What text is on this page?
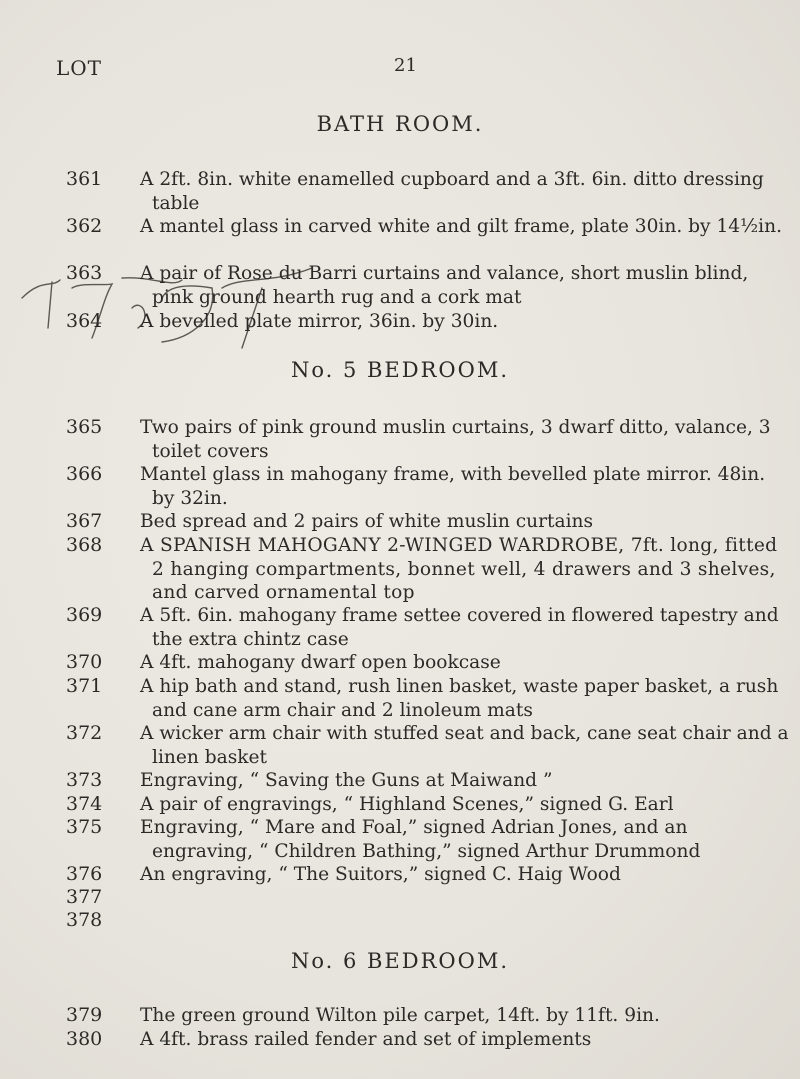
LOT	21
BATH ROOM.
361	A 2ft. 8in. white enamelled cupboard and a 3ft. 6in. ditto dressing table
362	A mantel glass in carved white and gilt frame, plate 30in. by 14½in.
363	A pair of Rose du Barri curtains and valance, short muslin blind, pink ground hearth rug and a cork mat
364	A bevelled plate mirror, 36in. by 30in.
No. 5 BEDROOM.
365	Two pairs of pink ground muslin curtains, 3 dwarf ditto, valance, 3 toilet covers
366	Mantel glass in mahogany frame, with bevelled plate mirror. 48in. by 32in.
367	Bed spread and 2 pairs of white muslin curtains
368	A SPANISH MAHOGANY 2-WINGED WARDROBE, 7ft. long, fitted 2 hanging compartments, bonnet well, 4 drawers and 3 shelves, and carved ornamental top
369	A 5ft. 6in. mahogany frame settee covered in flowered tapestry and the extra chintz case
370	A 4ft. mahogany dwarf open bookcase
371	A hip bath and stand, rush linen basket, waste paper basket, a rush and cane arm chair and 2 linoleum mats
372	A wicker arm chair with stuffed seat and back, cane seat chair and a linen basket
373	Engraving, “ Saving the Guns at Maiwand ”
374	A pair of engravings, “ Highland Scenes,” signed G. Earl
375	Engraving, “ Mare and Foal,” signed Adrian Jones, and an engraving, “ Children Bathing,” signed Arthur Drummond
376	An engraving, “ The Suitors,” signed C. Haig Wood
377
378
No. 6 BEDROOM.
379	The green ground Wilton pile carpet, 14ft. by 11ft. 9in.
380	A 4ft. brass railed fender and set of implements
